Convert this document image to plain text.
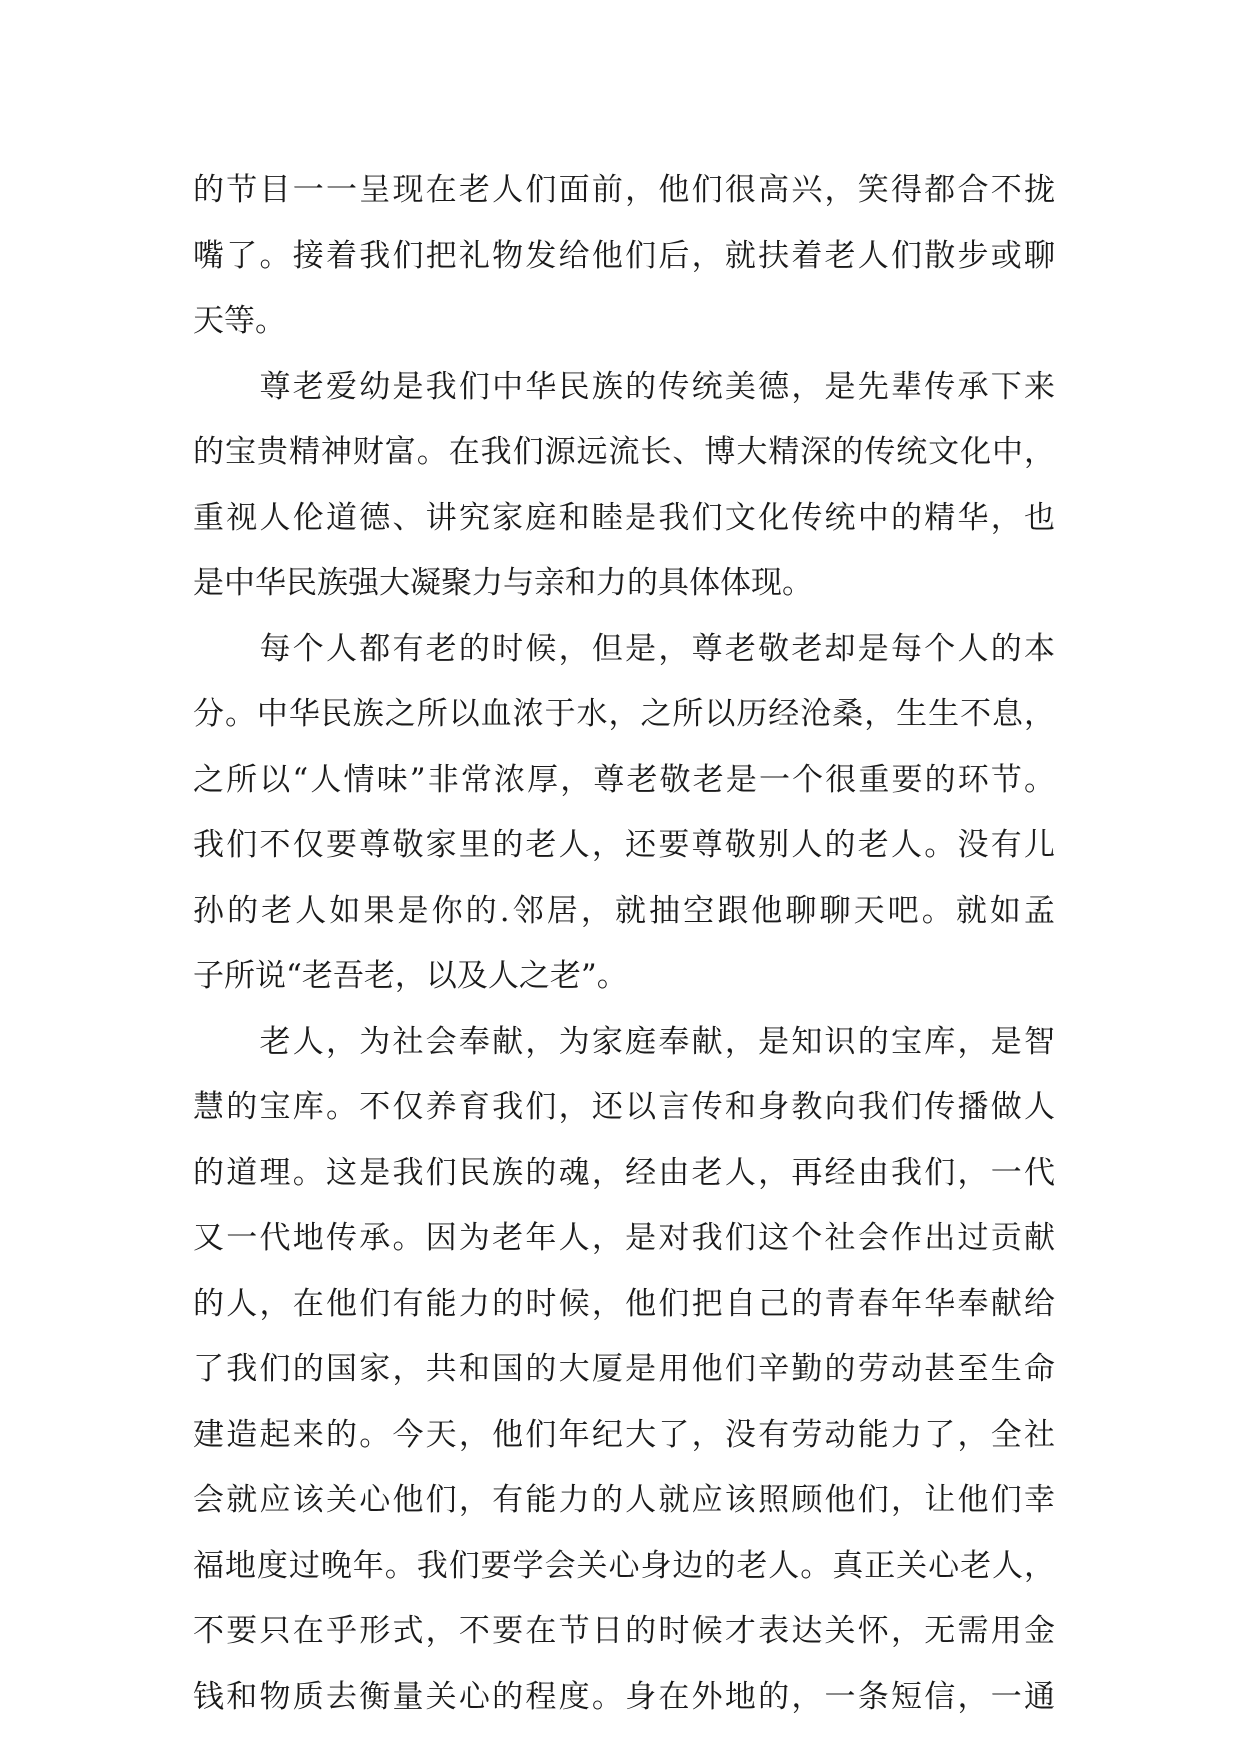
的节目一一呈现在老人们面前，他们很高兴，笑得都合不拢
嘴了。接着我们把礼物发给他们后，就扶着老人们散步或聊
天等。
　　尊老爱幼是我们中华民族的传统美德，是先辈传承下来
的宝贵精神财富。在我们源远流长、博大精深的传统文化中，
重视人伦道德、讲究家庭和睦是我们文化传统中的精华，也
是中华民族强大凝聚力与亲和力的具体体现。
　　每个人都有老的时候，但是，尊老敬老却是每个人的本
分。中华民族之所以血浓于水，之所以历经沧桑，生生不息，
之所以“人情味”非常浓厚，尊老敬老是一个很重要的环节。
我们不仅要尊敬家里的老人，还要尊敬别人的老人。没有儿
孙的老人如果是你的.邻居，就抽空跟他聊聊天吧。就如孟
子所说“老吾老，以及人之老”。
　　老人，为社会奉献，为家庭奉献，是知识的宝库，是智
慧的宝库。不仅养育我们，还以言传和身教向我们传播做人
的道理。这是我们民族的魂，经由老人，再经由我们，一代
又一代地传承。因为老年人，是对我们这个社会作出过贡献
的人，在他们有能力的时候，他们把自己的青春年华奉献给
了我们的国家，共和国的大厦是用他们辛勤的劳动甚至生命
建造起来的。今天，他们年纪大了，没有劳动能力了，全社
会就应该关心他们，有能力的人就应该照顾他们，让他们幸
福地度过晚年。我们要学会关心身边的老人。真正关心老人，
不要只在乎形式，不要在节日的时候才表达关怀，无需用金
钱和物质去衡量关心的程度。身在外地的，一条短信，一通
